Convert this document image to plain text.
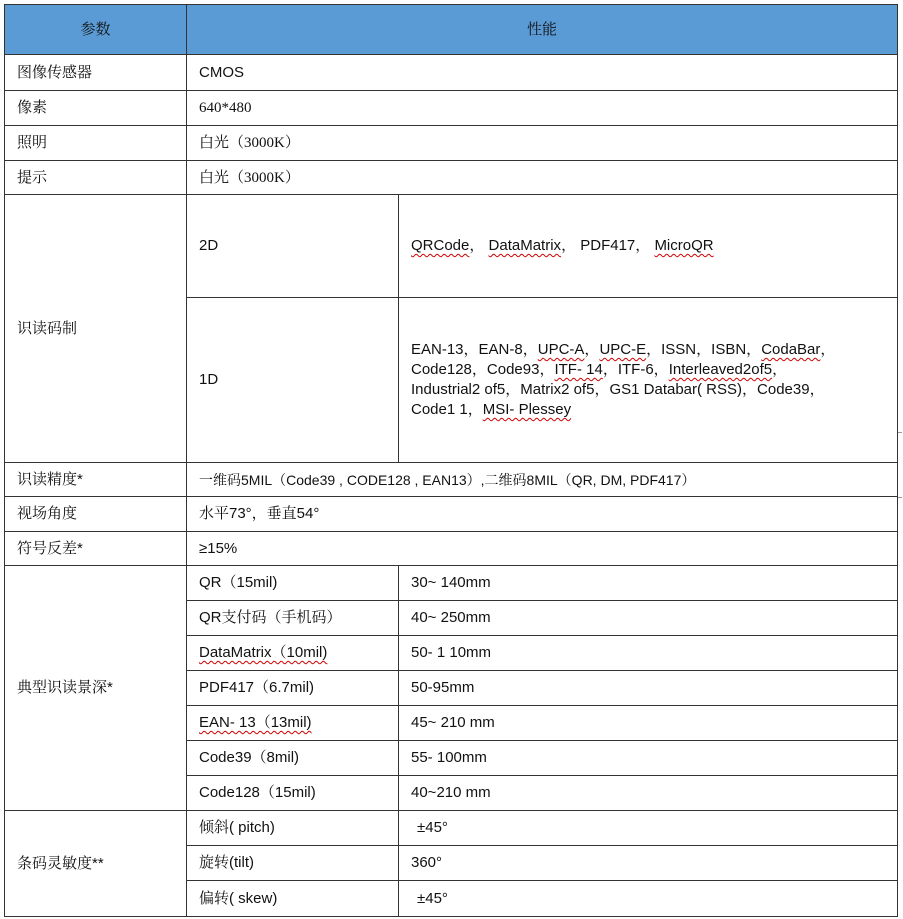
参数	性能	
图像传感器	CMOS	
像素	640*480	
照明	白光（3000K）	
提示	白光（3000K）	
识读码制	2D	QRCode， DataMatrix， PDF417， MicroQR
	1D	EAN-13，EAN-8，UPC-A，UPC-E，ISSN，ISBN，CodaBar，
Code128，Code93，ITF- 14，ITF-6，Interleaved2of5，
Industrial2 of5，Matrix2 of5，GS1 Databar( RSS)，Code39，
Code1 1，MSI- Plessey
识读精度*	一维码5MIL（Code39 , CODE128 , EAN13）,二维码8MIL（QR, DM, PDF417）	
视场角度	水平73°，垂直54°	
符号反差*	≥15%	
典型识读景深*	QR（15mil)	30~ 140mm
	QR支付码（手机码）	40~ 250mm
	DataMatrix（10mil)	50- 1 10mm
	PDF417（6.7mil)	50-95mm
	EAN- 13（13mil)	45~ 210 mm
	Code39（8mil)	55- 100mm
	Code128（15mil)	40~210 mm
条码灵敏度**	倾斜( pitch)	±45°
	旋转(tilt)	360°
	偏转( skew)	±45°
